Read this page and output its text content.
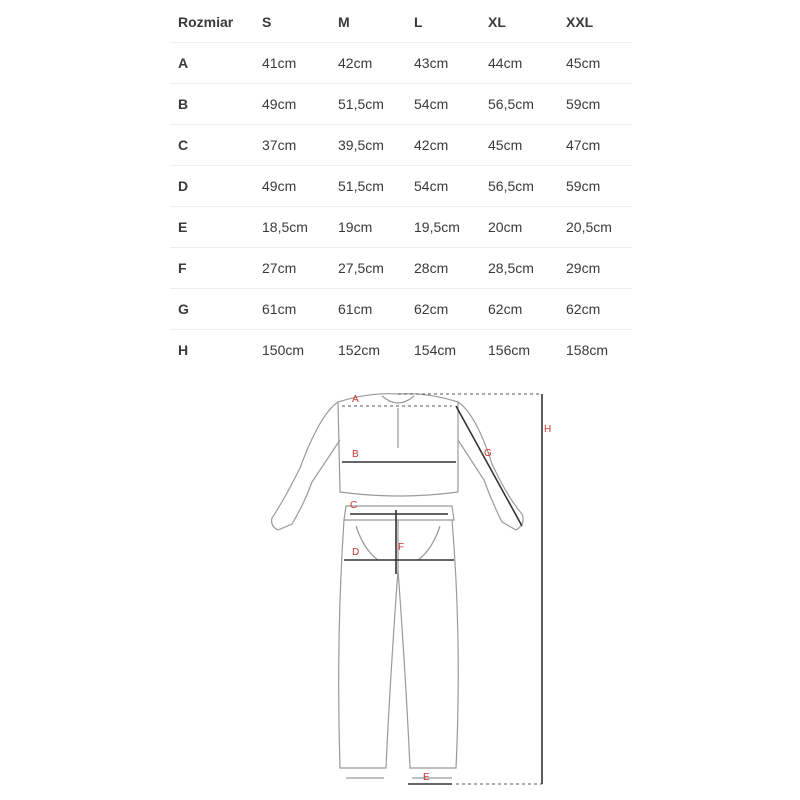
Rozmiar	S	M	L	XL	XXL
A	41cm	42cm	43cm	44cm	45cm
B	49cm	51,5cm	54cm	56,5cm	59cm
C	37cm	39,5cm	42cm	45cm	47cm
D	49cm	51,5cm	54cm	56,5cm	59cm
E	18,5cm	19cm	19,5cm	20cm	20,5cm
F	27cm	27,5cm	28cm	28,5cm	29cm
G	61cm	61cm	62cm	62cm	62cm
H	150cm	152cm	154cm	156cm	158cm
A
B
C
D	F
G
H
E
